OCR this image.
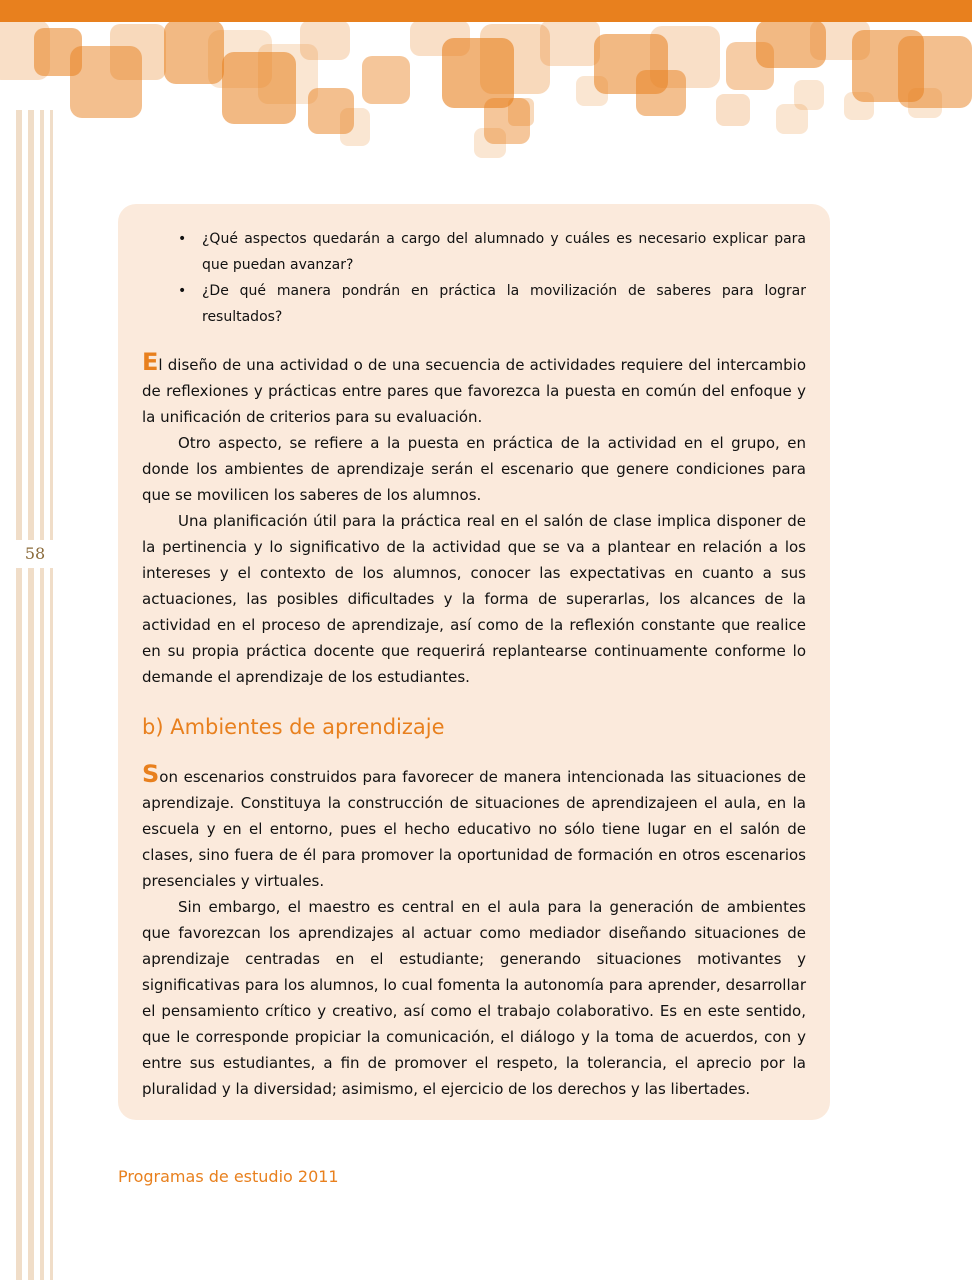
58
• ¿Qué aspectos quedarán a cargo del alumnado y cuáles es necesario explicar para que puedan avanzar?
• ¿De qué manera pondrán en práctica la movilización de saberes para lograr resultados?

El diseño de una actividad o de una secuencia de actividades requiere del intercambio de reflexiones y prácticas entre pares que favorezca la puesta en común del enfoque y la unificación de criterios para su evaluación.

Otro aspecto, se refiere a la puesta en práctica de la actividad en el grupo, en donde los ambientes de aprendizaje serán el escenario que genere condiciones para que se movilicen los saberes de los alumnos.

Una planificación útil para la práctica real en el salón de clase implica disponer de la pertinencia y lo significativo de la actividad que se va a plantear en relación a los intereses y el contexto de los alumnos, conocer las expectativas en cuanto a sus actuaciones, las posibles dificultades y la forma de superarlas, los alcances de la actividad en el proceso de aprendizaje, así como de la reflexión constante que realice en su propia práctica docente que requerirá replantearse continuamente conforme lo demande el aprendizaje de los estudiantes.

b) Ambientes de aprendizaje

Son escenarios construidos para favorecer de manera intencionada las situaciones de aprendizaje. Constituya la construcción de situaciones de aprendizajeen el aula, en la escuela y en el entorno, pues el hecho educativo no sólo tiene lugar en el salón de clases, sino fuera de él para promover la oportunidad de formación en otros escenarios presenciales y virtuales.

Sin embargo, el maestro es central en el aula para la generación de ambientes que favorezcan los aprendizajes al actuar como mediador diseñando situaciones de aprendizaje centradas en el estudiante; generando situaciones motivantes y significativas para los alumnos, lo cual fomenta la autonomía para aprender, desarrollar el pensamiento crítico y creativo, así como el trabajo colaborativo. Es en este sentido, que le corresponde propiciar la comunicación, el diálogo y la toma de acuerdos, con y entre sus estudiantes, a fin de promover el respeto, la tolerancia, el aprecio por la pluralidad y la diversidad; asimismo, el ejercicio de los derechos y las libertades.

Programas de estudio 2011
